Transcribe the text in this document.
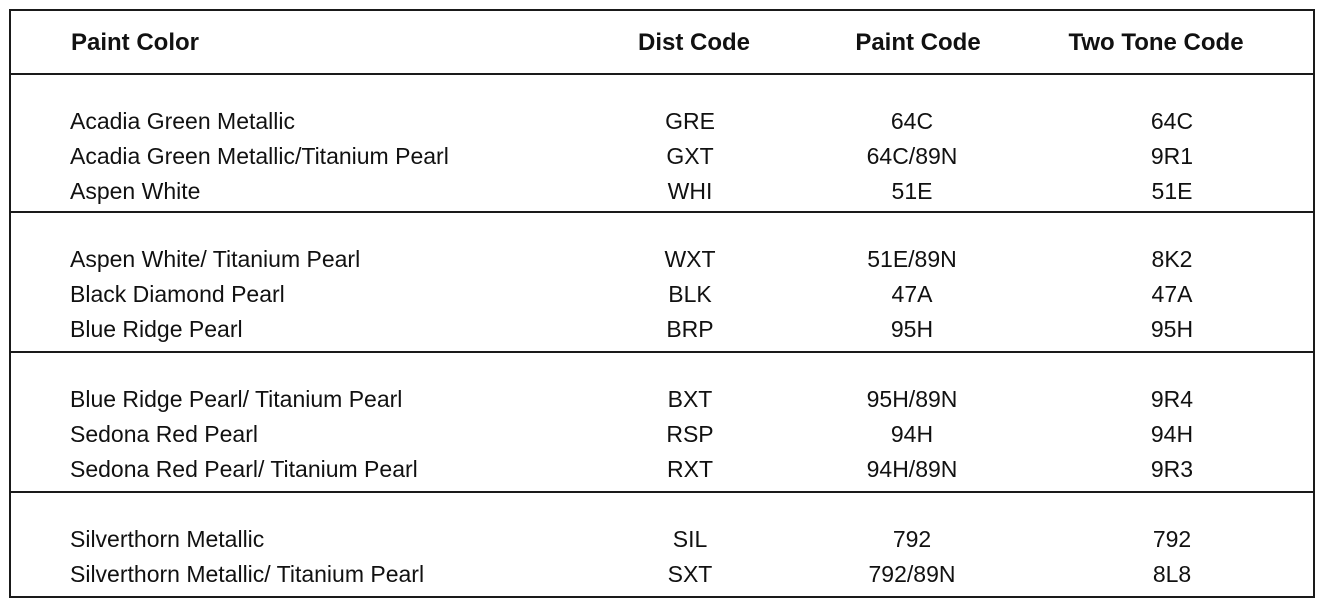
Paint Color	Dist Code	Paint Code	Two Tone Code
Acadia Green Metallic	GRE	64C	64C
Acadia Green Metallic/Titanium Pearl	GXT	64C/89N	9R1
Aspen White	WHI	51E	51E
Aspen White/ Titanium Pearl	WXT	51E/89N	8K2
Black Diamond Pearl	BLK	47A	47A
Blue Ridge Pearl	BRP	95H	95H
Blue Ridge Pearl/ Titanium Pearl	BXT	95H/89N	9R4
Sedona Red Pearl	RSP	94H	94H
Sedona Red Pearl/ Titanium Pearl	RXT	94H/89N	9R3
Silverthorn Metallic	SIL	792	792
Silverthorn Metallic/ Titanium Pearl	SXT	792/89N	8L8
